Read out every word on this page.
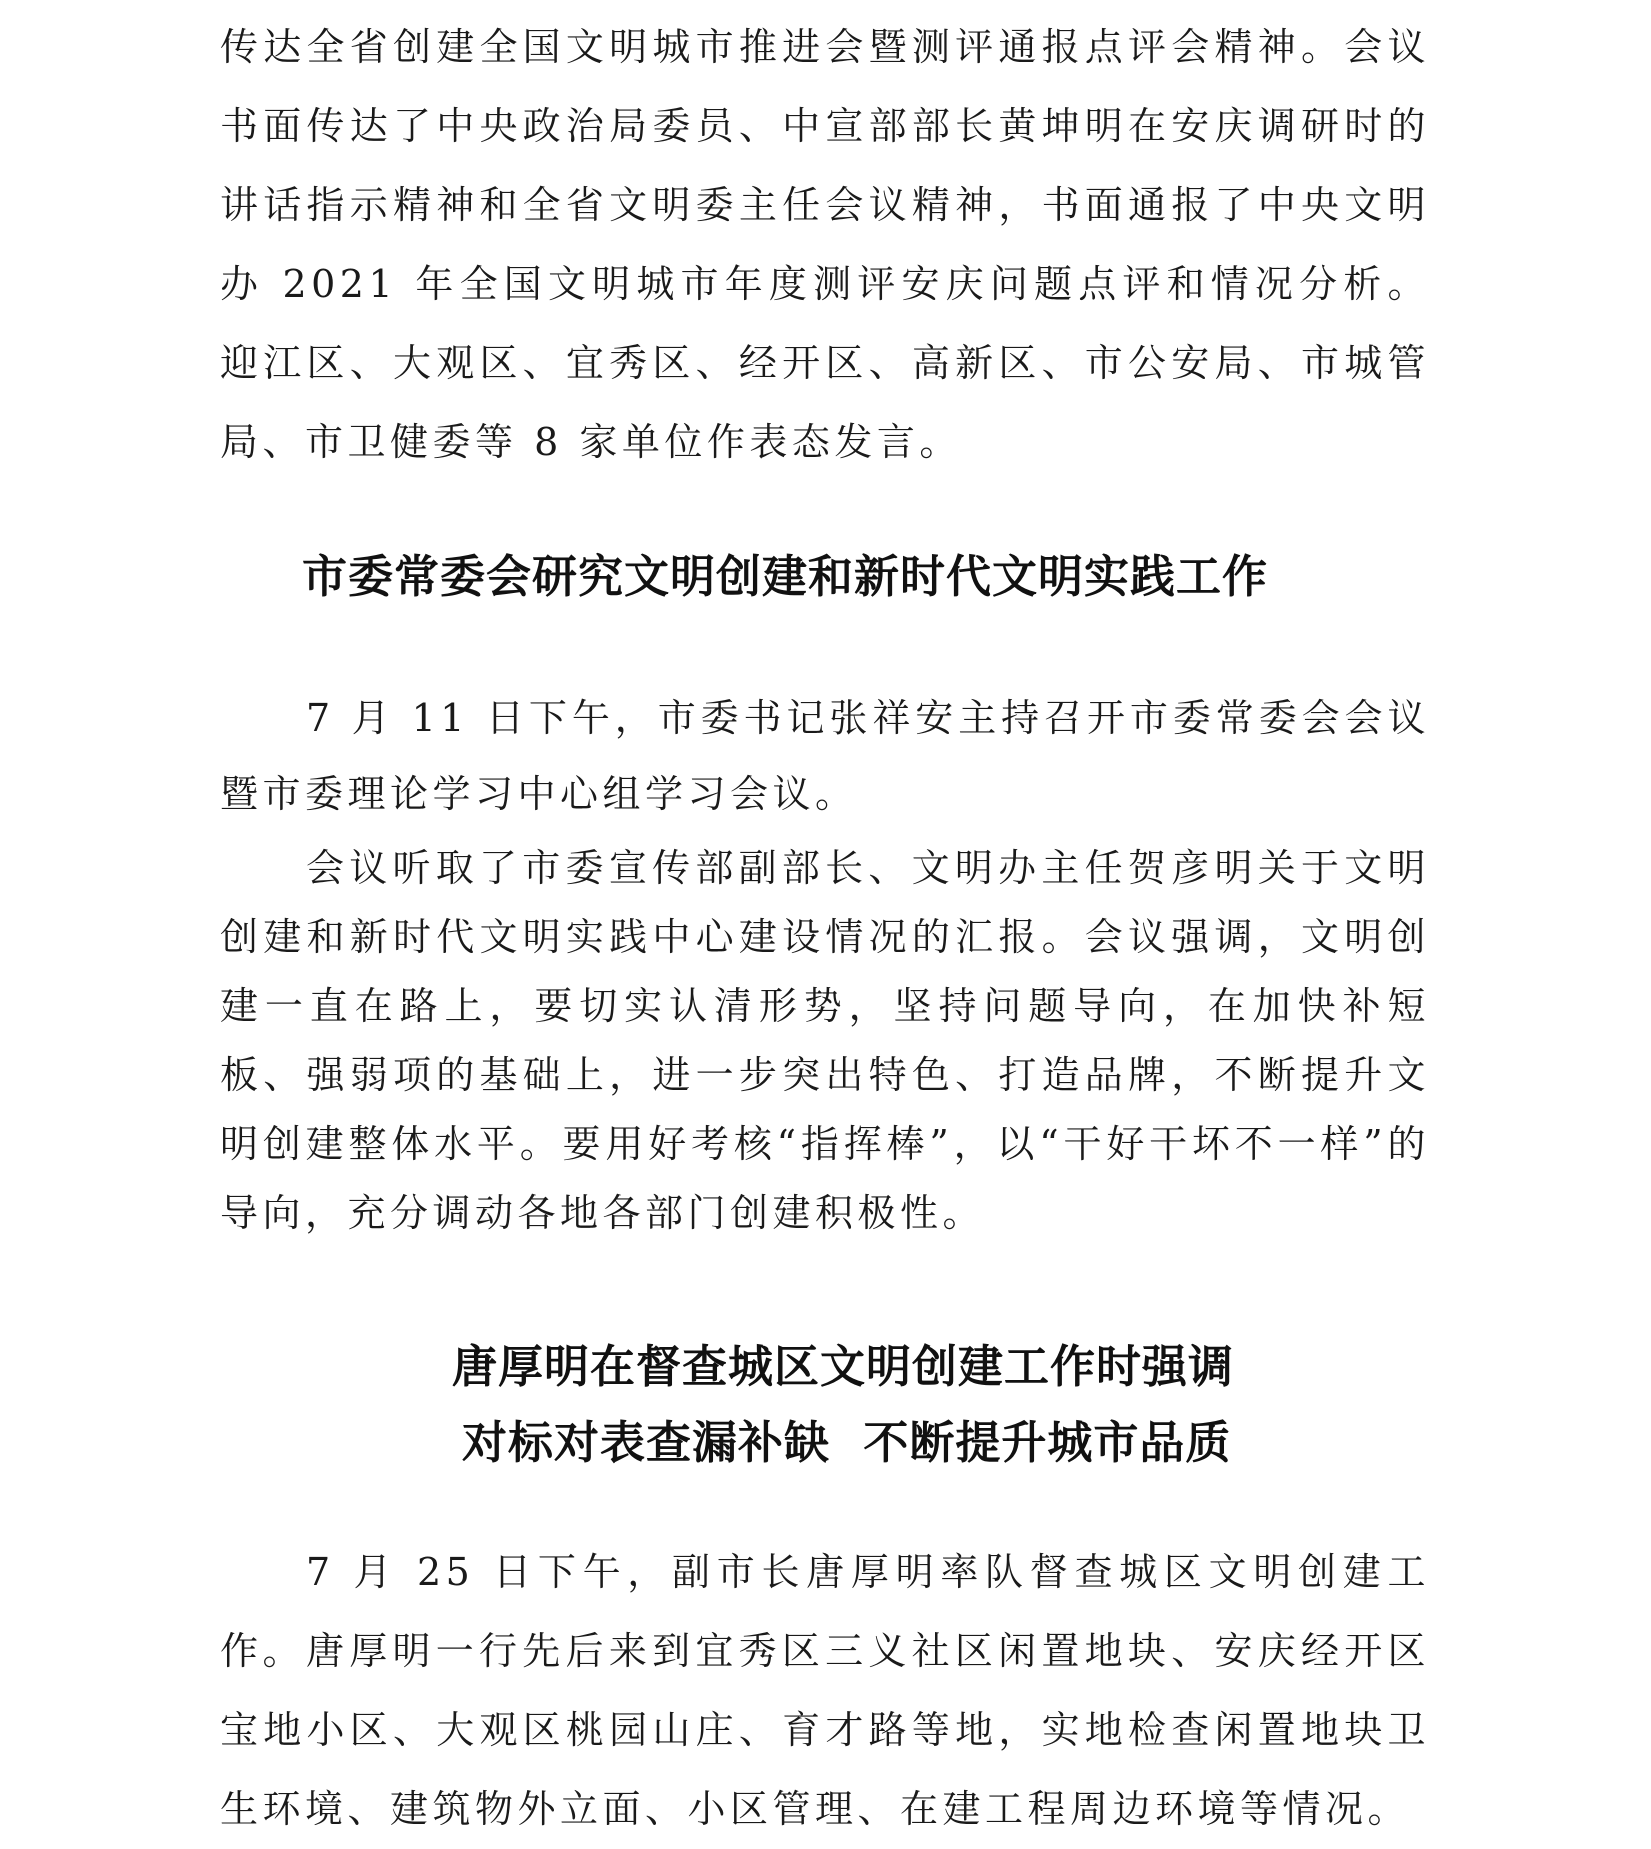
传达全省创建全国文明城市推进会暨测评通报点评会精神。会议书面传达了中央政治局委员、中宣部部长黄坤明在安庆调研时的讲话指示精神和全省文明委主任会议精神，书面通报了中央文明办 2021 年全国文明城市年度测评安庆问题点评和情况分析。迎江区、大观区、宜秀区、经开区、高新区、市公安局、市城管局、市卫健委等 8 家单位作表态发言。

市委常委会研究文明创建和新时代文明实践工作

7 月 11 日下午，市委书记张祥安主持召开市委常委会会议暨市委理论学习中心组学习会议。

会议听取了市委宣传部副部长、文明办主任贺彦明关于文明创建和新时代文明实践中心建设情况的汇报。会议强调，文明创建一直在路上，要切实认清形势，坚持问题导向，在加快补短板、强弱项的基础上，进一步突出特色、打造品牌，不断提升文明创建整体水平。要用好考核“指挥棒”，以“干好干坏不一样”的导向，充分调动各地各部门创建积极性。

唐厚明在督查城区文明创建工作时强调
对标对表查漏补缺  不断提升城市品质

7 月 25 日下午，副市长唐厚明率队督查城区文明创建工作。 唐厚明一行先后来到宜秀区三义社区闲置地块、安庆经开区宝地小区、大观区桃园山庄、育才路等地，实地检查闲置地块卫生环境、建筑物外立面、小区管理、在建工程周边环境等情况。
